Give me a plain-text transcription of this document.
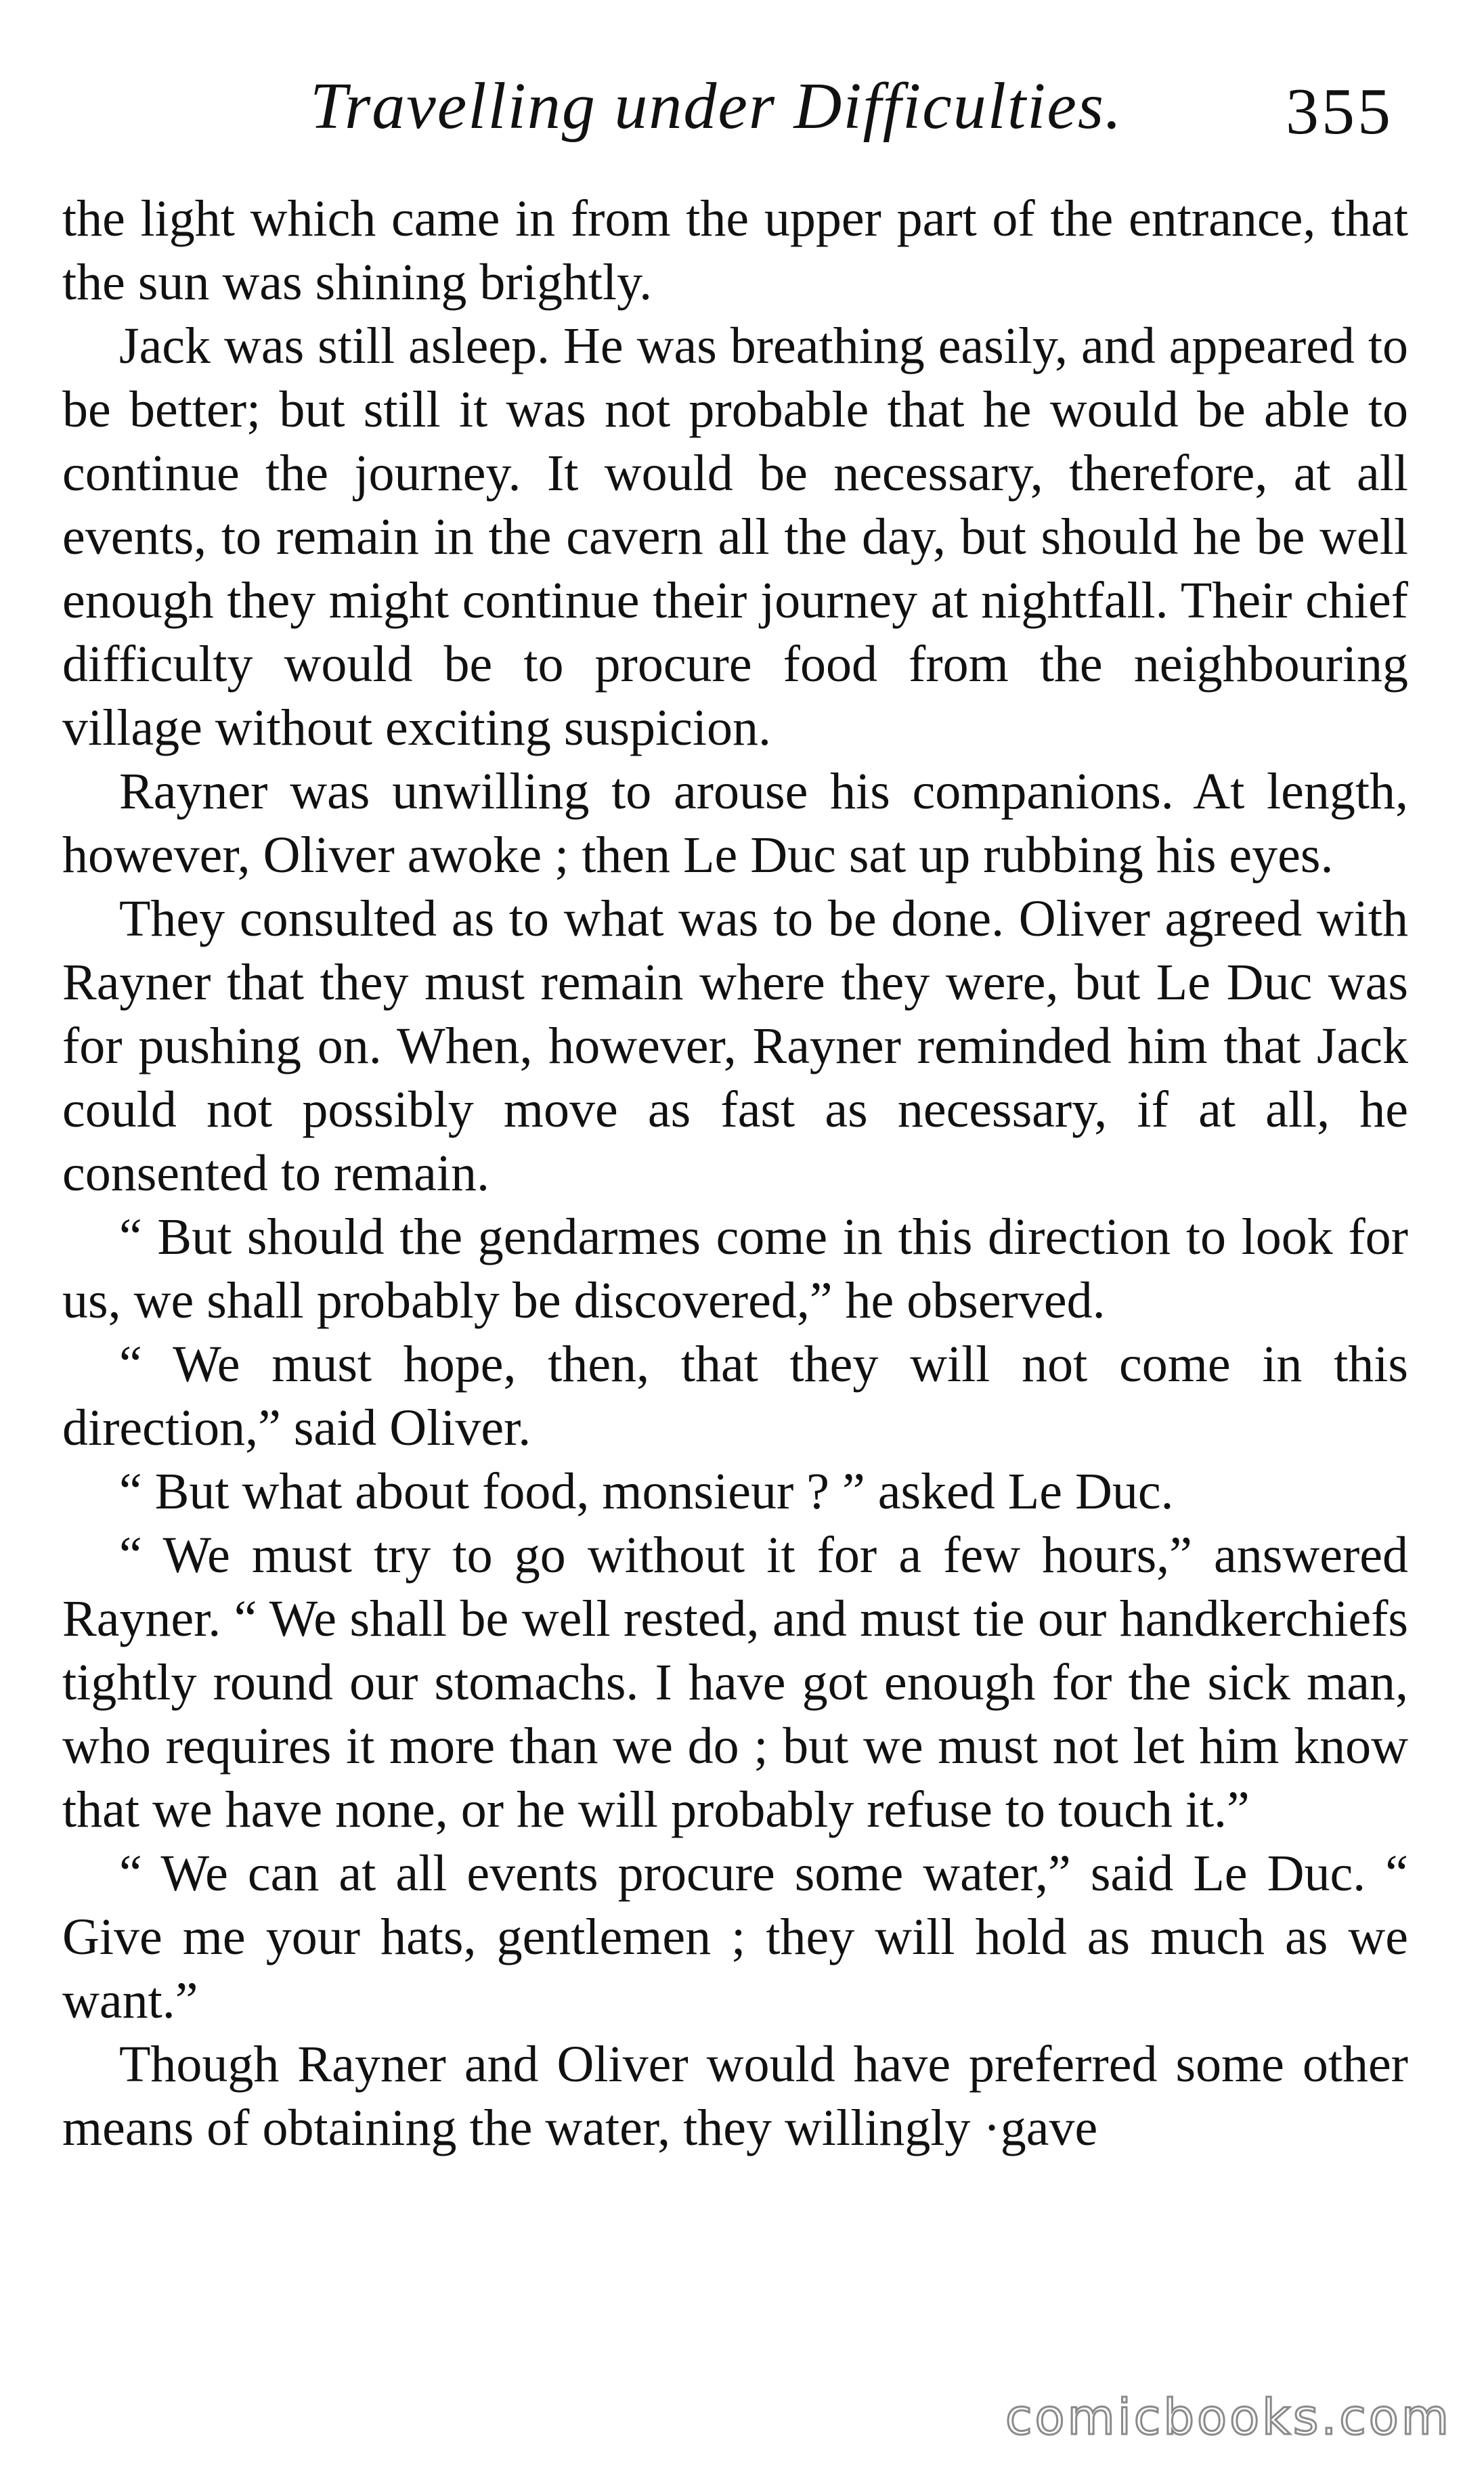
Travelling under Difficulties. 355

the light which came in from the upper part of the entrance, that the sun was shining brightly.

Jack was still asleep. He was breathing easily, and appeared to be better; but still it was not probable that he would be able to continue the journey. It would be necessary, therefore, at all events, to remain in the cavern all the day, but should he be well enough they might continue their journey at nightfall. Their chief difficulty would be to procure food from the neighbouring village without exciting suspicion.

Rayner was unwilling to arouse his companions. At length, however, Oliver awoke ; then Le Duc sat up rubbing his eyes.

They consulted as to what was to be done. Oliver agreed with Rayner that they must remain where they were, but Le Duc was for pushing on. When, however, Rayner reminded him that Jack could not possibly move as fast as necessary, if at all, he consented to remain.

“ But should the gendarmes come in this direction to look for us, we shall probably be discovered,” he observed.

“ We must hope, then, that they will not come in this direction,” said Oliver.

“ But what about food, monsieur ? ” asked Le Duc.

“ We must try to go without it for a few hours,” answered Rayner. “ We shall be well rested, and must tie our handkerchiefs tightly round our stomachs. I have got enough for the sick man, who requires it more than we do ; but we must not let him know that we have none, or he will probably refuse to touch it.”

“ We can at all events procure some water,” said Le Duc. “ Give me your hats, gentlemen ; they will hold as much as we want.”

Though Rayner and Oliver would have preferred some other means of obtaining the water, they willingly ·gave

comicbooks.com
